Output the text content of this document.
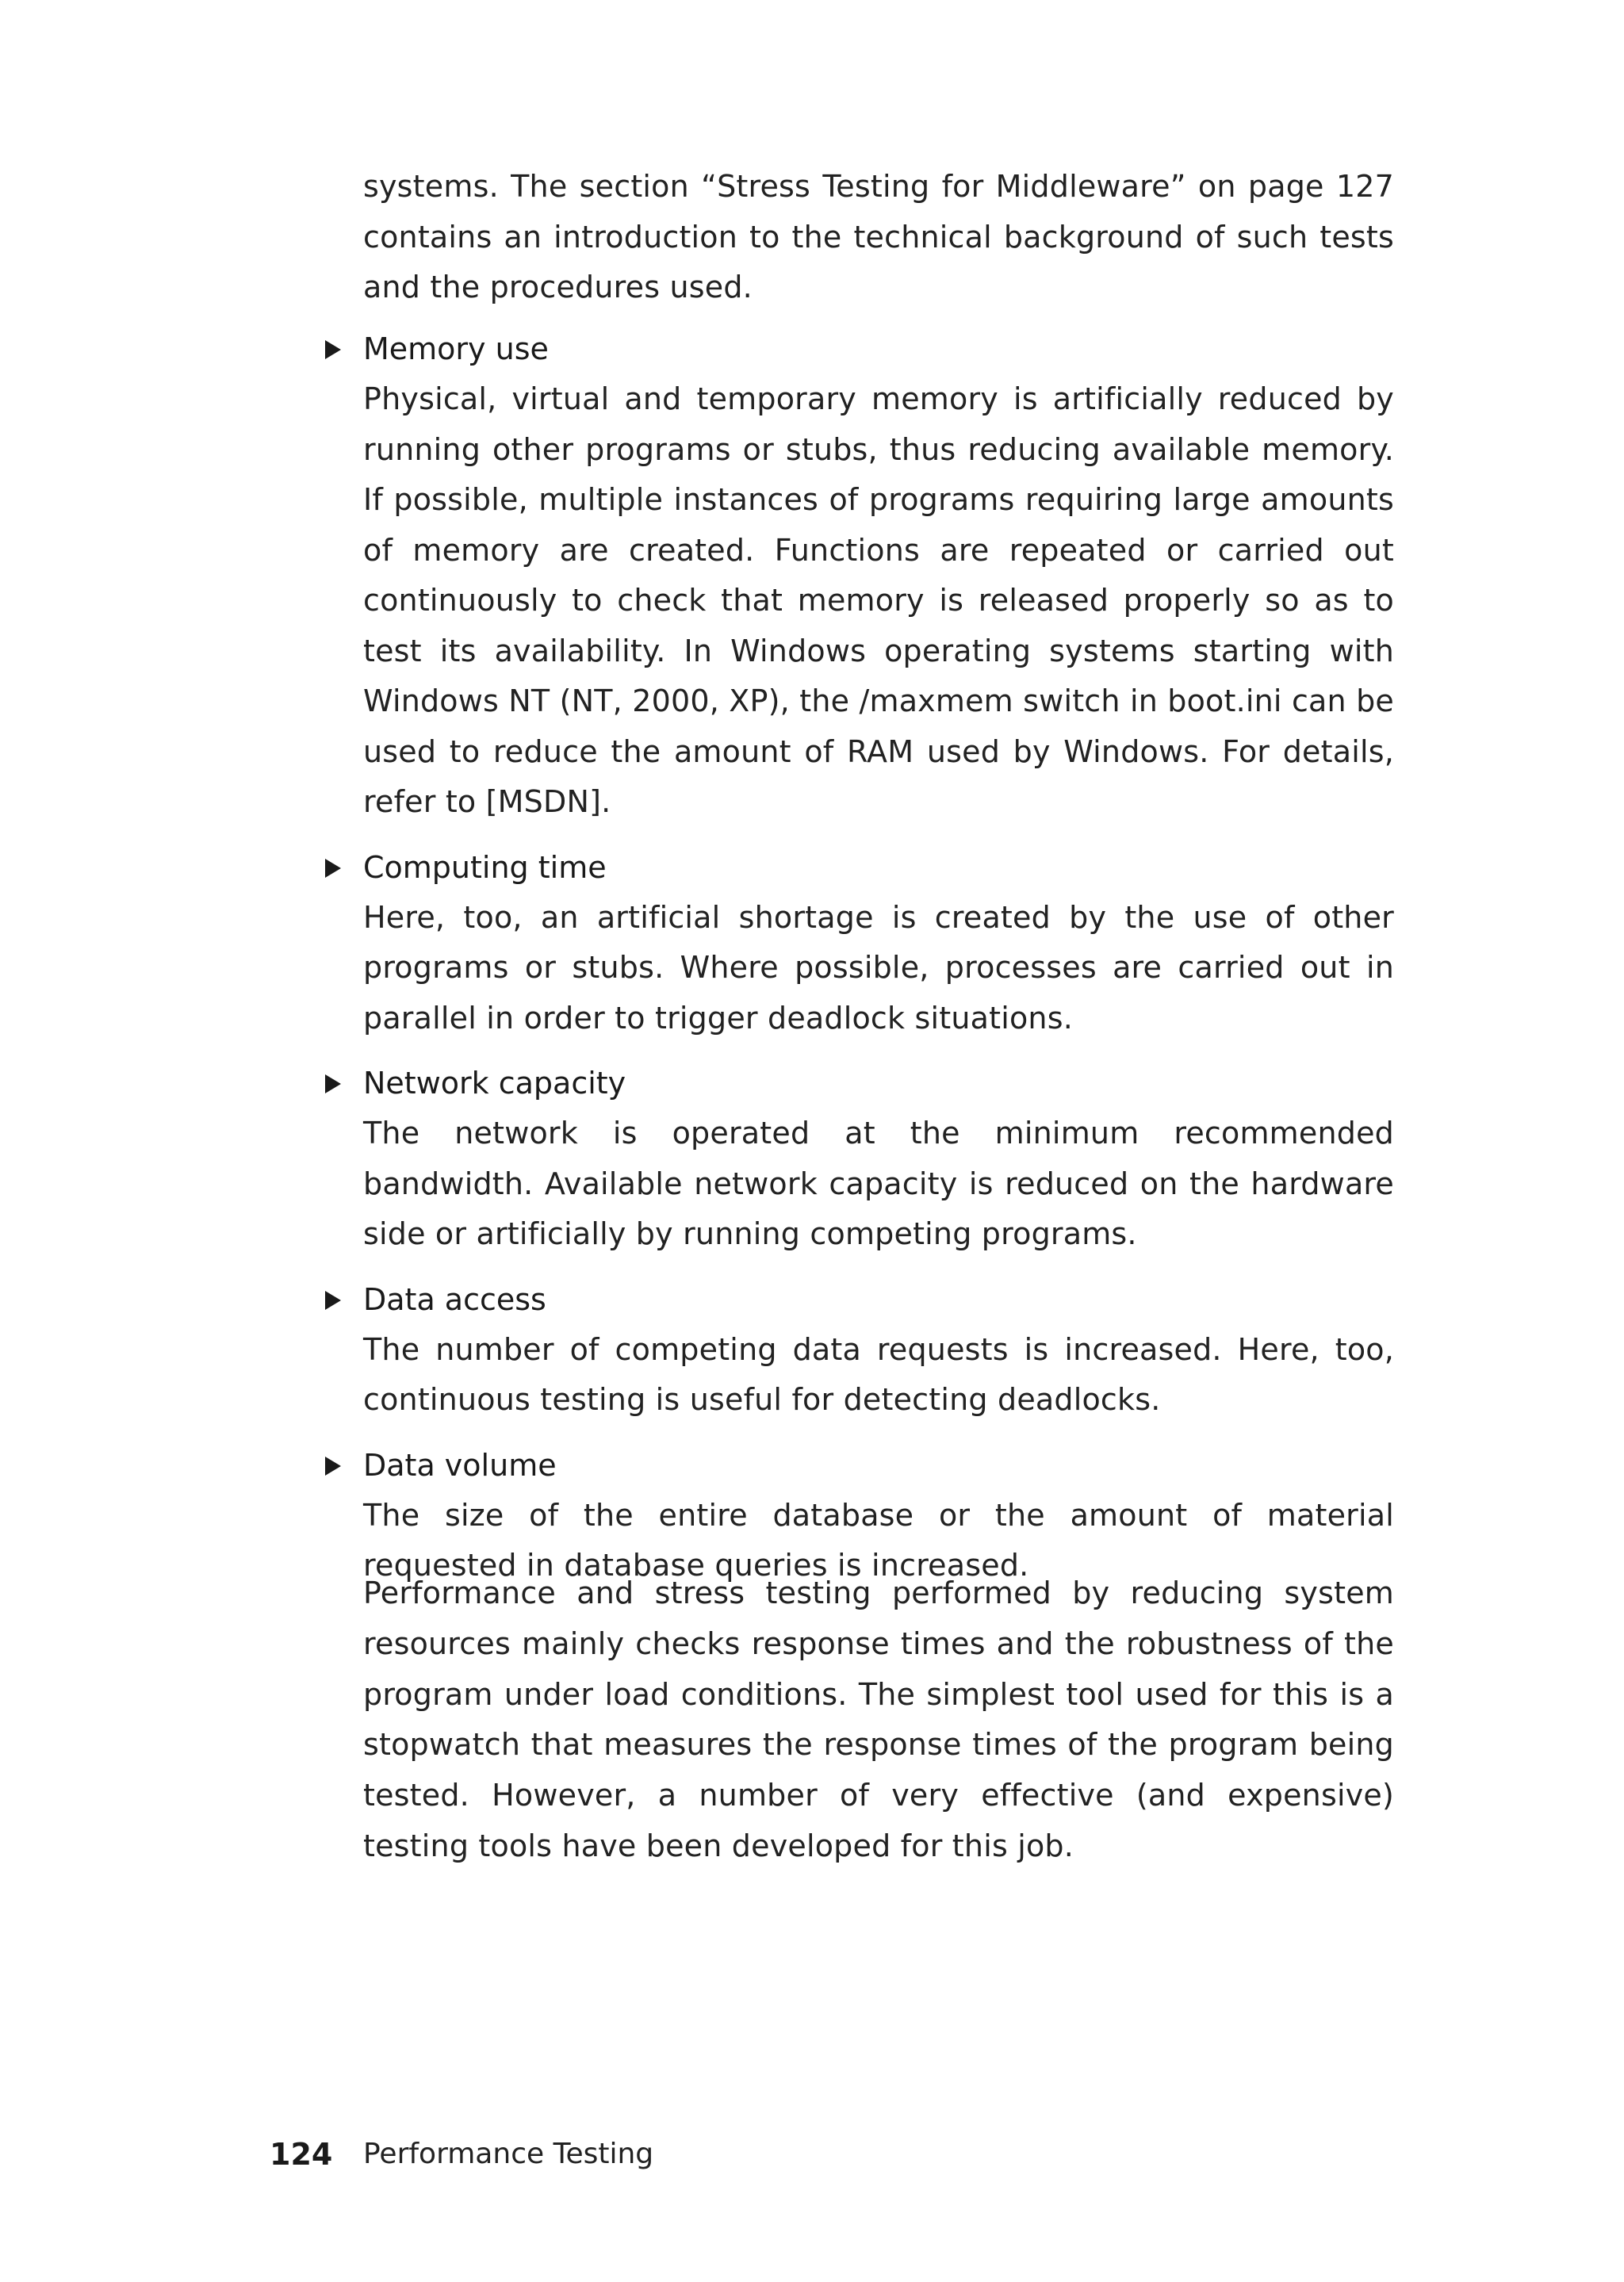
systems. The section “Stress Testing for Middleware” on page 127 contains an introduction to the technical background of such tests and the procedures used.

Memory use
Physical, virtual and temporary memory is artificially reduced by running other programs or stubs, thus reducing available memory. If possible, multiple instances of programs requiring large amounts of memory are created. Functions are repeated or carried out continuously to check that memory is released properly so as to test its availability. In Windows operating systems starting with Windows NT (NT, 2000, XP), the /maxmem switch in boot.ini can be used to reduce the amount of RAM used by Windows. For details, refer to [MSDN].
Computing time
Here, too, an artificial shortage is created by the use of other programs or stubs. Where possible, processes are carried out in parallel in order to trigger deadlock situations.
Network capacity
The network is operated at the minimum recommended bandwidth. Available network capacity is reduced on the hardware side or artificially by running competing programs.
Data access
The number of competing data requests is increased. Here, too, continuous testing is useful for detecting deadlocks.
Data volume
The size of the entire database or the amount of material requested in database queries is increased.

Performance and stress testing performed by reducing system resources mainly checks response times and the robustness of the program under load conditions. The simplest tool used for this is a stopwatch that measures the response times of the program being tested. However, a number of very effective (and expensive) testing tools have been developed for this job.

124 Performance Testing
